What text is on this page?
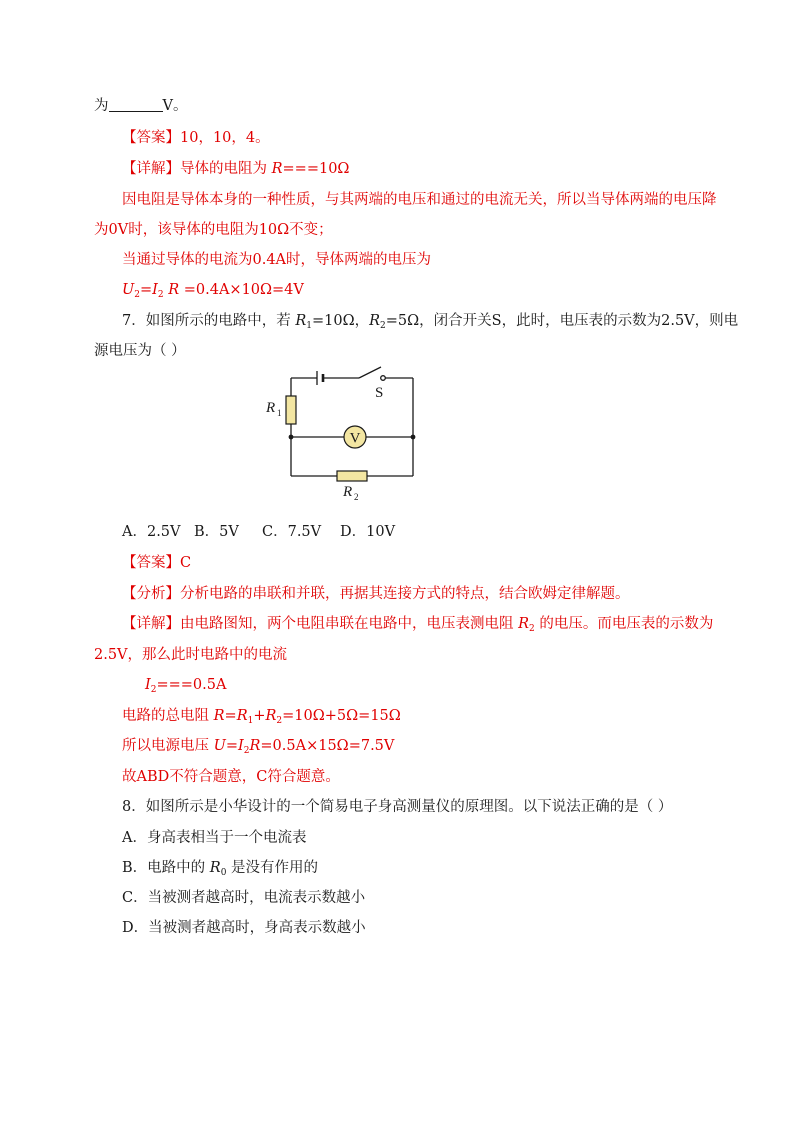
为	V。
【答案】10，10，4。
【详解】导体的电阻为 R===10Ω
因电阻是导体本身的一种性质，与其两端的电压和通过的电流无关，所以当导体两端的电压降
为0V时，该导体的电阻为10Ω不变；
当通过导体的电流为0.4A时，导体两端的电压为
$U_2=I_2$ R =0.4A×10Ω=4V
7．如图所示的电路中，若 $R_1=10\Omega$，$R_2=5\Omega$，闭合开关S，此时，电压表的示数为2.5V，则电
源电压为（ ）
V
R 1
R 2
S
A．2.5V B．5V C．7.5V D．10V
【答案】C
【分析】分析电路的串联和并联，再据其连接方式的特点，结合欧姆定律解题。
【详解】由电路图知，两个电阻串联在电路中，电压表测电阻 $R_2$ 的电压。而电压表的示数为
2.5V，那么此时电路中的电流
$I_2===0.5A$
电路的总电阻 $R=R_1+R_2=10\Omega+5\Omega=15\Omega$
所以电源电压 $U=I_2R=0.5A\times 15\Omega=7.5V$
故ABD不符合题意，C符合题意。
8．如图所示是小华设计的一个简易电子身高测量仪的原理图。以下说法正确的是（ ）
A．身高表相当于一个电流表
B．电路中的 $R_0$ 是没有作用的
C．当被测者越高时，电流表示数越小
D．当被测者越高时，身高表示数越小
